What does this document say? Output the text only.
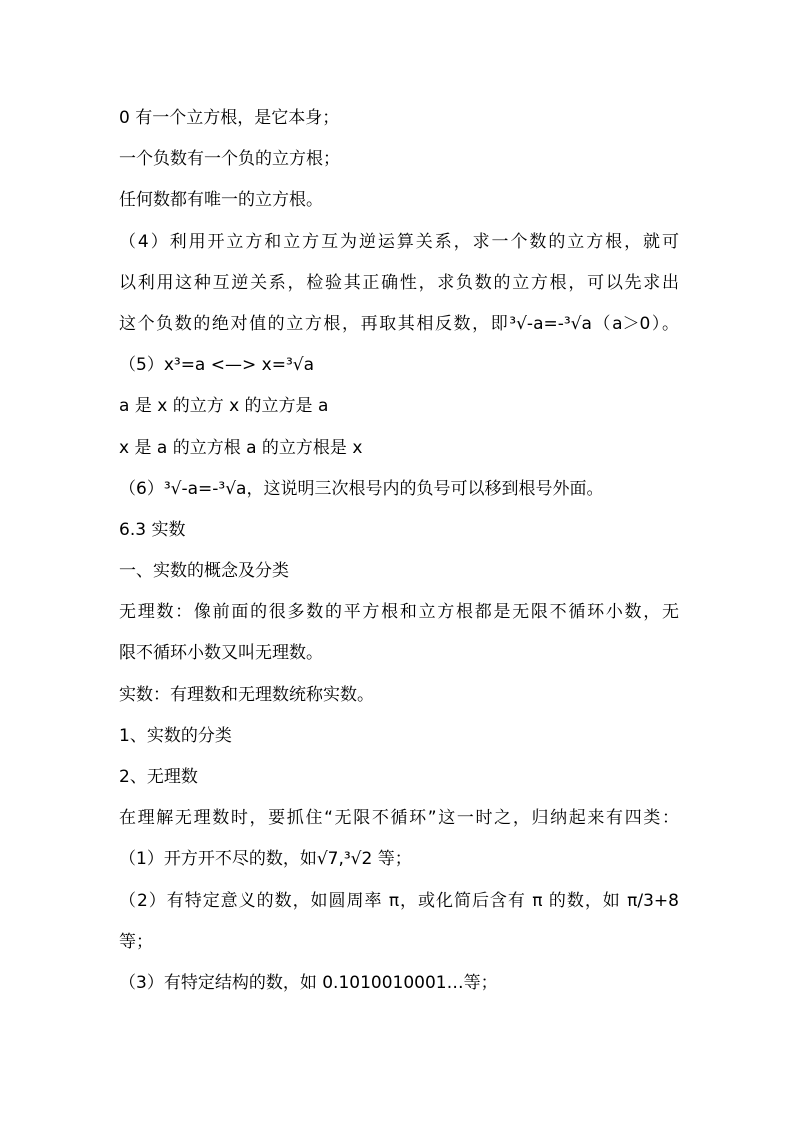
0 有一个立方根，是它本身；

一个负数有一个负的立方根；

任何数都有唯一的立方根。

（4）利用开立方和立方互为逆运算关系，求一个数的立方根，就可

以利用这种互逆关系，检验其正确性，求负数的立方根，可以先求出

这个负数的绝对值的立方根，再取其相反数，即³√-a=-³√a（a＞0）。

（5）x³=a <—> x=³√a

a 是 x 的立方 x 的立方是 a

x 是 a 的立方根 a 的立方根是 x

（6）³√-a=-³√a，这说明三次根号内的负号可以移到根号外面。

6.3 实数

一、实数的概念及分类

无理数：像前面的很多数的平方根和立方根都是无限不循环小数，无

限不循环小数又叫无理数。

实数：有理数和无理数统称实数。

1、实数的分类

2、无理数

在理解无理数时，要抓住“无限不循环”这一时之，归纳起来有四类：

（1）开方开不尽的数，如√7,³√2 等；

（2）有特定意义的数，如圆周率 π，或化简后含有 π 的数，如 π/3+8

等；

（3）有特定结构的数，如 0.1010010001…等；
